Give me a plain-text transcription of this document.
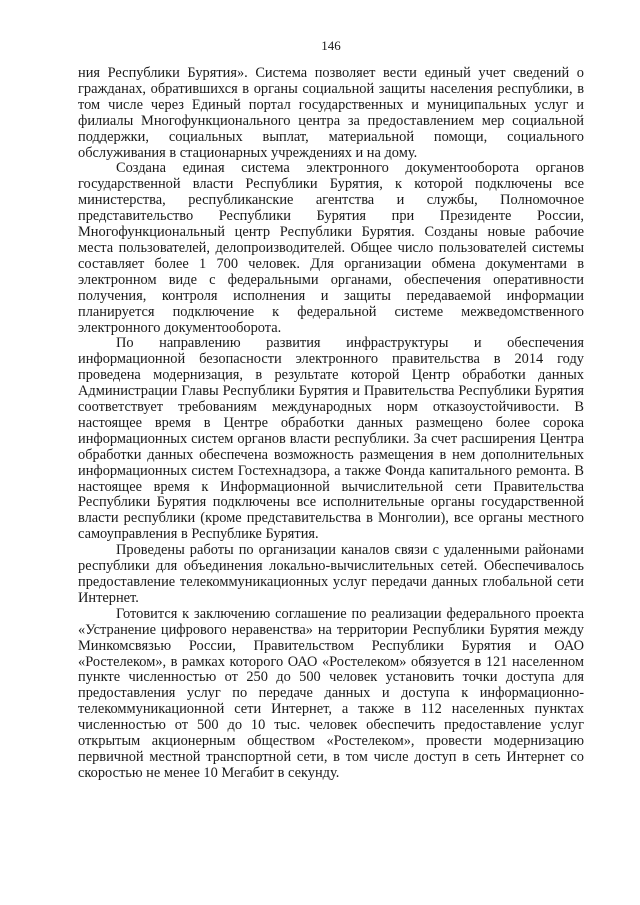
146

ния Республики Бурятия». Система позволяет вести единый учет сведений о гражданах, обратившихся в органы социальной защиты населения республики, в том числе через Единый портал государственных и муниципальных услуг и филиалы Многофункционального центра за предоставлением мер социальной поддержки, социальных выплат, материальной помощи, социального обслуживания в стационарных учреждениях и на дому.

Создана единая система электронного документооборота органов государственной власти Республики Бурятия, к которой подключены все министерства, республиканские агентства и службы, Полномочное представительство Республики Бурятия при Президенте России, Многофункциональный центр Республики Бурятия. Созданы новые рабочие места пользователей, делопроизводителей. Общее число пользователей системы составляет более 1 700 человек. Для организации обмена документами в электронном виде с федеральными органами, обеспечения оперативности получения, контроля исполнения и защиты передаваемой информации планируется подключение к федеральной системе межведомственного электронного документооборота.

По направлению развития инфраструктуры и обеспечения информационной безопасности электронного правительства в 2014 году проведена модернизация, в результате которой Центр обработки данных Администрации Главы Республики Бурятия и Правительства Республики Бурятия соответствует требованиям международных норм отказоустойчивости. В настоящее время в Центре обработки данных размещено более сорока информационных систем органов власти республики. За счет расширения Центра обработки данных обеспечена возможность размещения в нем дополнительных информационных систем Гостехнадзора, а также Фонда капитального ремонта. В настоящее время к Информационной вычислительной сети Правительства Республики Бурятия подключены все исполнительные органы государственной власти республики (кроме представительства в Монголии), все органы местного самоуправления в Республике Бурятия.

Проведены работы по организации каналов связи с удаленными районами республики для объединения локально-вычислительных сетей. Обеспечивалось предоставление телекоммуникационных услуг передачи данных глобальной сети Интернет.

Готовится к заключению соглашение по реализации федерального проекта «Устранение цифрового неравенства» на территории Республики Бурятия между Минкомсвязью России, Правительством Республики Бурятия и ОАО «Ростелеком», в рамках которого ОАО «Ростелеком» обязуется в 121 населенном пункте численностью от 250 до 500 человек установить точки доступа для предоставления услуг по передаче данных и доступа к информационно-телекоммуникационной сети Интернет, а также в 112 населенных пунктах численностью от 500 до 10 тыс. человек обеспечить предоставление услуг открытым акционерным обществом «Ростелеком», провести модернизацию первичной местной транспортной сети, в том числе доступ в сеть Интернет со скоростью не менее 10 Мегабит в секунду.
